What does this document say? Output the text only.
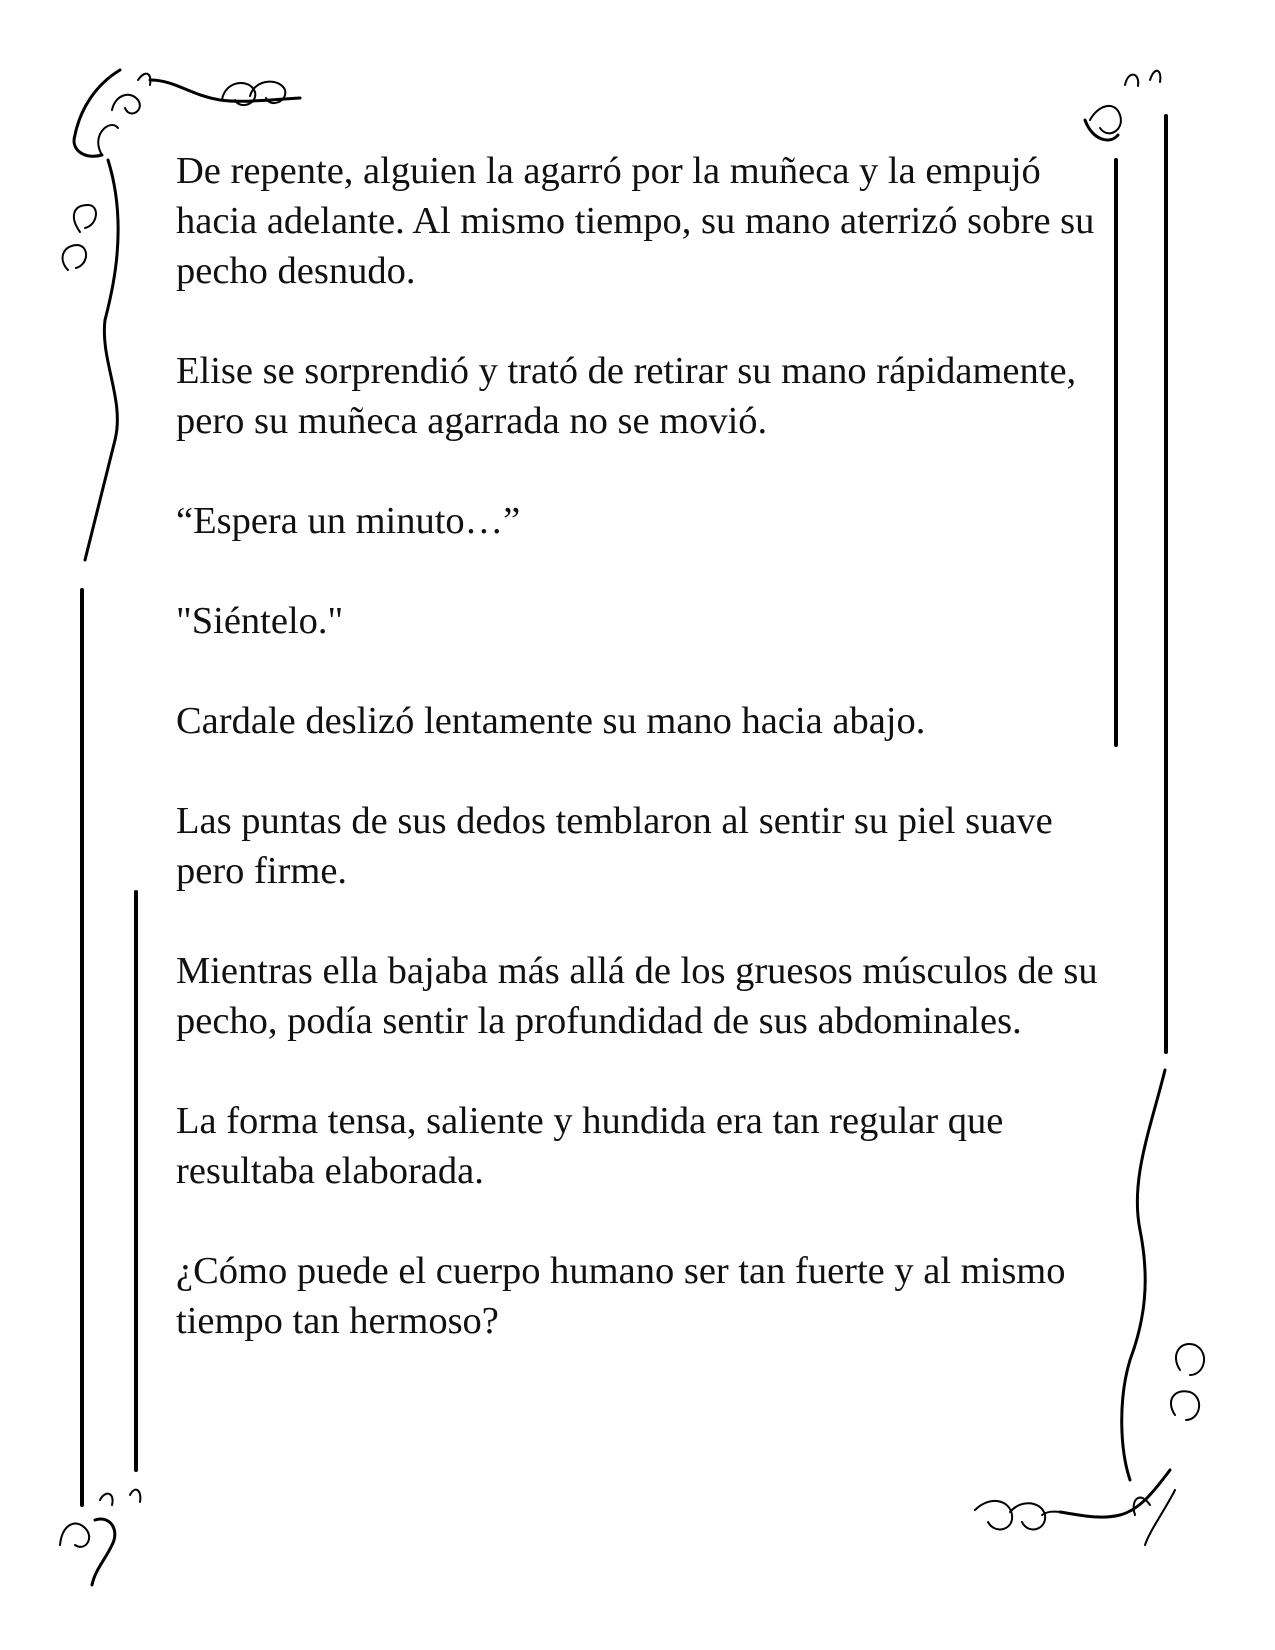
De repente, alguien la agarró por la muñeca y la empujó hacia adelante. Al mismo tiempo, su mano aterrizó sobre su pecho desnudo.

Elise se sorprendió y trató de retirar su mano rápidamente, pero su muñeca agarrada no se movió.

“Espera un minuto…”

"Siéntelo."

Cardale deslizó lentamente su mano hacia abajo.

Las puntas de sus dedos temblaron al sentir su piel suave pero firme.

Mientras ella bajaba más allá de los gruesos músculos de su pecho, podía sentir la profundidad de sus abdominales.

La forma tensa, saliente y hundida era tan regular que resultaba elaborada.

¿Cómo puede el cuerpo humano ser tan fuerte y al mismo tiempo tan hermoso?
